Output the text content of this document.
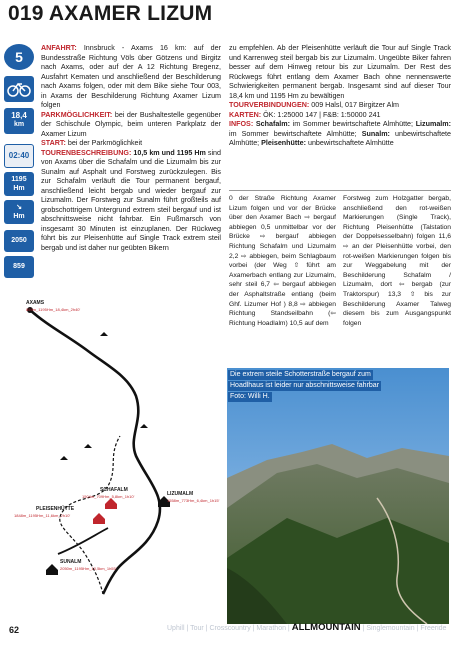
019 AXAMER LIZUM
5
18,4
km
02:40
1195
Hm
↘
Hm
2050
859

ANFAHRT: Innsbruck - Axams 16 km: auf der Bundesstraße Richtung Völs über Götzens und Birgitz nach Axams, oder auf der A 12 Richtung Bregenz, Ausfahrt Kematen und anschließend der Beschilderung nach Axams folgen, oder mit dem Bike siehe Tour 003, in Axams der Beschilderung Richtung Axamer Lizum folgen

PARKMÖGLICHKEIT: bei der Bushaltestelle gegenüber der Schischule Olympic, beim unteren Parkplatz der Axamer Lizum

START: bei der Parkmöglichkeit

TOURENBESCHREIBUNG: 10,5 km und 1195 Hm sind von Axams über die Schafalm und die Lizumalm bis zur Sunalm auf Asphalt und Forstweg zurückzulegen. Bis zur Schafalm verläuft die Tour permanent bergauf, anschließend leicht bergab und wieder bergauf zur Lizumalm. Der Forstweg zur Sunalm führt großteils auf grobschottrigem Untergrund extrem steil bergauf und ist abschnittsweise nicht fahrbar. Ein Fußmarsch von insgesamt 30 Minuten ist einzuplanen. Der Rückweg führt bis zur Pleisenhütte auf Single Track extrem steil bergab und ist daher nur geübten Bikern

zu empfehlen. Ab der Pleisenhütte verläuft die Tour auf Single Track und Karrenweg steil bergab bis zur Lizumalm. Ungeübte Biker fahren besser auf dem Hinweg retour bis zur Lizumalm. Der Rest des Rückwegs führt entlang dem Axamer Bach ohne nennenswerte Schwierigkeiten permanent bergab. Insgesamt sind auf dieser Tour 18,4 km und 1195 Hm zu bewältigen

TOURVERBINDUNGEN: 009 Halsl, 017 Birgitzer Alm

KARTEN: ÖK: 1:25000 147 | F&B: 1:50000 241

INFOS: Schafalm: im Sommer bewirtschaftete Almhütte; Lizumalm: im Sommer bewirtschaftete Almhütte; Sunalm: unbewirtschaftete Almhütte; Pleisenhütte: unbewirtschaftete Almhütte

0 der Straße Richtung Axamer Lizum folgen und vor der Brücke über den Axamer Bach ⇨ bergauf abbiegen 0,5 unmittelbar vor der Brücke ⇨ bergauf abbiegen Richtung Schafalm und Lizumalm 2,2 ⇨ abbiegen, beim Schlagbaum vorbei (der Weg ⇧ führt am Axamerbach entlang zur Lizumalm, sehr steil 6,7 ⇦ bergauf abbiegen der Asphaltstraße entlang (beim Ghf. Lizumer Hof ) 8,8 ⇨ abbiegen Richtung Standseilbahn (⇦ Richtung Hoadlalm) 10,5 auf dem
Forstweg zum Holzgatter bergab, anschließend den rot-weißen Markierungen (Single Track), Richtung Pleisenhütte (Talstation der Doppelsesselbahn) folgen 11,6 ⇨ an der Pleisenhütte vorbei, den rot-weißen Markierungen folgen bis zur Weggabelung mit der Beschilderung Schafalm / Lizumalm, dort ⇦ bergab (zur Traktorspur) 13,3 ⇧ bis zur Beschilderung Axamer Talweg diesem bis zum Ausgangspunkt folgen
AXAMS
859m_1195Hm_18,4km_2h40'
SCHAFALM
1504m_709Hm_5,8km_1h10'	LIZUMALM
1558m_773Hm_6,4km_1h15'
PLEISENHÜTTE
1848m_1195Hm_11,6km_2h10'
SUNALM
2050m_1195Hm_10,5km_1h55'
Die extrem steile Schotterstraße bergauf zum
Hoadlhaus ist leider nur abschnittsweise fahrbar
Foto: Willi H.
62	Uphill | Tour | Crosscountry | Marathon | ALLMOUNTAIN | Singlemountain | Freeride
